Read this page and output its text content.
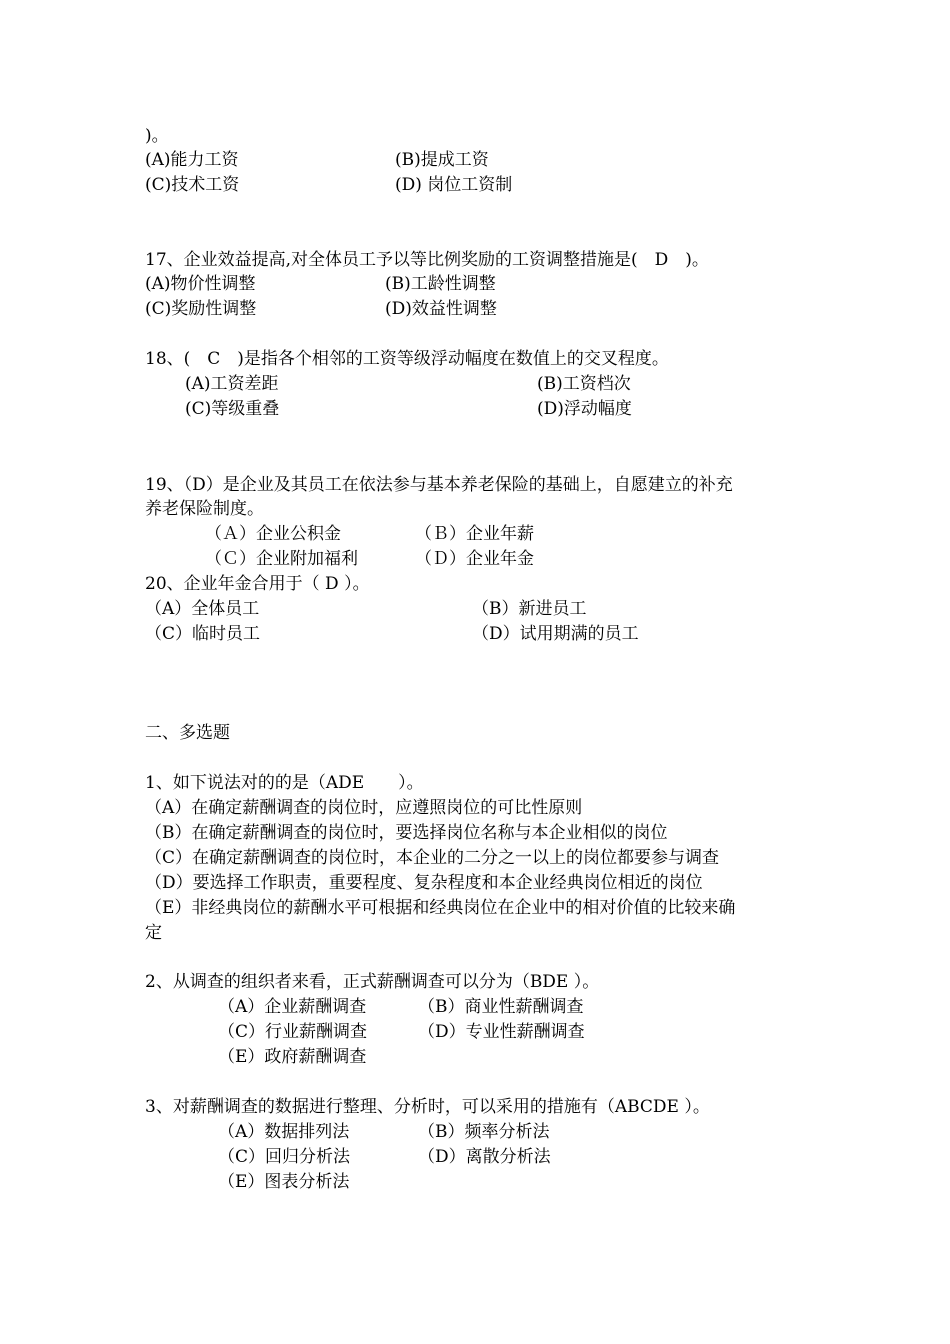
)。
(A)能力工资	(B)提成工资
(C)技术工资	(D) 岗位工资制
17、企业效益提高,对全体员工予以等比例奖励的工资调整措施是(　D　)。
(A)物价性调整	(B)工龄性调整
(C)奖励性调整	(D)效益性调整
18、(　C　)是指各个相邻的工资等级浮动幅度在数值上的交叉程度。
(A)工资差距	(B)工资档次
(C)等级重叠	(D)浮动幅度
19、（D）是企业及其员工在依法参与基本养老保险的基础上，自愿建立的补充
养老保险制度。
（Ａ）企业公积金	（Ｂ）企业年薪
（Ｃ）企业附加福利	（Ｄ）企业年金
20、企业年金合用于（ D ）。
（A）全体员工	（B）新进员工
（C）临时员工	（D）试用期满的员工
二、多选题
1、如下说法对的的是（ADE　　）。
（A）在确定薪酬调查的岗位时，应遵照岗位的可比性原则
（B）在确定薪酬调查的岗位时，要选择岗位名称与本企业相似的岗位
（C）在确定薪酬调查的岗位时，本企业的二分之一以上的岗位都要参与调查
（D）要选择工作职责，重要程度、复杂程度和本企业经典岗位相近的岗位
（E）非经典岗位的薪酬水平可根据和经典岗位在企业中的相对价值的比较来确
定
2、从调查的组织者来看，正式薪酬调查可以分为（BDE ）。
（A）企业薪酬调查	（B）商业性薪酬调查
（C）行业薪酬调查	（D）专业性薪酬调查
（E）政府薪酬调查
3、对薪酬调查的数据进行整理、分析时，可以采用的措施有（ABCDE ）。
（A）数据排列法	（B）频率分析法
（C）回归分析法	（D）离散分析法
（E）图表分析法
